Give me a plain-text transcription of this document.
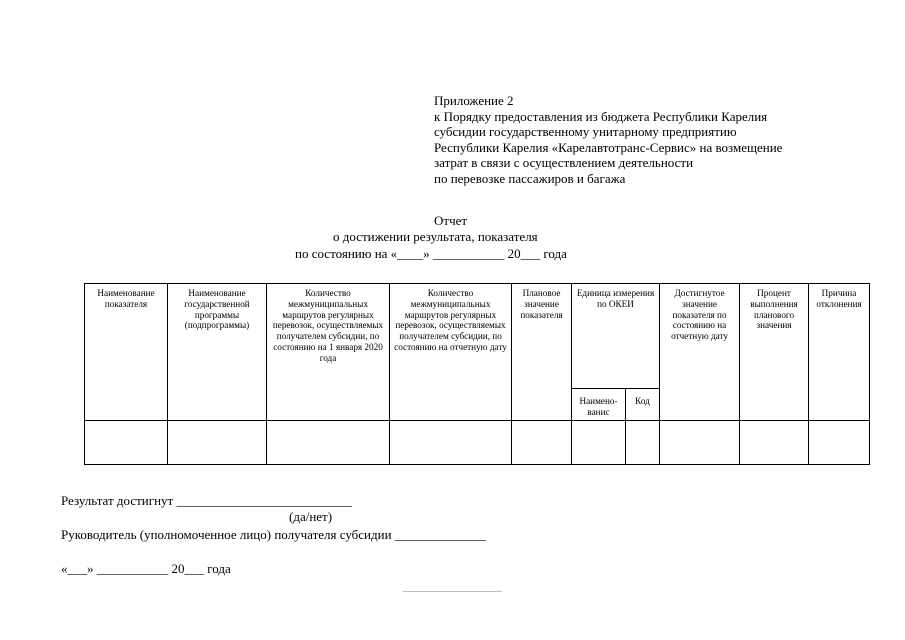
Приложение 2
к Порядку предоставления из бюджета Республики Карелия
субсидии государственному унитарному предприятию
Республики Карелия «Карелавтотранс-Сервис» на возмещение
затрат в связи с осуществлением деятельности
по перевозке пассажиров и багажа
Отчет
о достижении результата, показателя
по состоянию на «____» ___________ 20___ года
Наименование показателя	Наименование государственной программы (подпрограммы)	Количество межмуниципальных маршрутов регулярных перевозок, осуществляемых получателем субсидии, по состоянию на 1 января 2020 года	Количество межмуниципальных маршрутов регулярных перевозок, осуществляемых получателем субсидии, по состоянию на отчетную дату	Плановое значение показателя	Единица измерения по ОКЕИ		Достигнутое значение показателя по состоянию на отчетную дату	Процент выполнения планового значения	Причина отклонения
					Наимено-ванис	Код			

Результат достигнут ___________________________
(да/нет)
Руководитель (уполномоченное лицо) получателя субсидии ______________
«___» ___________ 20___ года
